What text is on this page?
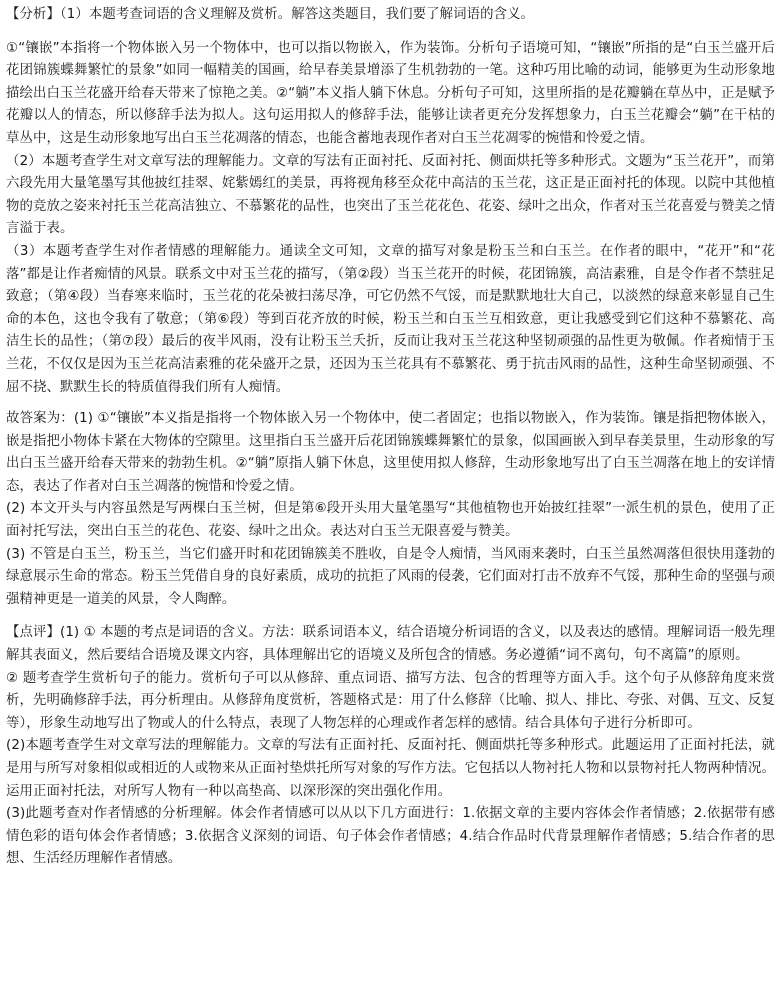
【分析】（1）本题考查词语的含义理解及赏析。解答这类题目，我们要了解词语的含义。

①“镶嵌”本指将一个物体嵌入另一个物体中，也可以指以物嵌入，作为装饰。分析句子语境可知，“镶嵌”所指的是“白玉兰盛开后花团锦簇蝶舞繁忙的景象”如同一幅精美的国画，给早春美景增添了生机勃勃的一笔。这种巧用比喻的动词，能够更为生动形象地描绘出白玉兰花盛开给春天带来了惊艳之美。②“躺”本义指人躺下休息。分析句子可知，这里所指的是花瓣躺在草丛中，正是赋予花瓣以人的情态，所以修辞手法为拟人。这句运用拟人的修辞手法，能够让读者更充分发挥想象力，白玉兰花瓣会“躺”在干枯的草丛中，这是生动形象地写出白玉兰花凋落的情态，也能含蓄地表现作者对白玉兰花凋零的惋惜和怜爱之情。

（2）本题考查学生对文章写法的理解能力。文章的写法有正面衬托、反面衬托、侧面烘托等多种形式。文题为“玉兰花开”，而第六段先用大量笔墨写其他披红挂翠、姹紫嫣红的美景，再将视角移至众花中高洁的玉兰花，这正是正面衬托的体现。以院中其他植物的竞放之姿来衬托玉兰花高洁独立、不慕繁花的品性，也突出了玉兰花花色、花姿、绿叶之出众，作者对玉兰花喜爱与赞美之情言溢于表。

（3）本题考查学生对作者情感的理解能力。通读全文可知，文章的描写对象是粉玉兰和白玉兰。在作者的眼中，“花开”和“花落”都是让作者痴情的风景。联系文中对玉兰花的描写，（第②段）当玉兰花开的时候，花团锦簇，高洁素雅，自是令作者不禁驻足致意；（第④段）当春寒来临时，玉兰花的花朵被扫荡尽净，可它仍然不气馁，而是默默地壮大自己，以淡然的绿意来彰显自己生命的本色，这也令我有了敬意；（第⑥段）等到百花齐放的时候，粉玉兰和白玉兰互相致意，更让我感受到它们这种不慕繁花、高洁生长的品性；（第⑦段）最后的夜半风雨，没有让粉玉兰夭折，反而让我对玉兰花这种坚韧顽强的品性更为敬佩。作者痴情于玉兰花，不仅仅是因为玉兰花高洁素雅的花朵盛开之景，还因为玉兰花具有不慕繁花、勇于抗击风雨的品性，这种生命坚韧顽强、不屈不挠、默默生长的特质值得我们所有人痴情。

故答案为：(1) ①“镶嵌”本义指是指将一个物体嵌入另一个物体中，使二者固定；也指以物嵌入，作为装饰。镶是指把物体嵌入，嵌是指把小物体卡紧在大物体的空隙里。这里指白玉兰盛开后花团锦簇蝶舞繁忙的景象，似国画嵌入到早春美景里，生动形象的写出白玉兰盛开给春天带来的勃勃生机。②“躺”原指人躺下休息，这里使用拟人修辞，生动形象地写出了白玉兰凋落在地上的安详情态，表达了作者对白玉兰凋落的惋惜和怜爱之情。

(2) 本文开头与内容虽然是写两棵白玉兰树，但是第⑥段开头用大量笔墨写“其他植物也开始披红挂翠”一派生机的景色，使用了正面衬托写法，突出白玉兰的花色、花姿、绿叶之出众。表达对白玉兰无限喜爱与赞美。

(3) 不管是白玉兰，粉玉兰，当它们盛开时和花团锦簇美不胜收，自是令人痴情，当风雨来袭时，白玉兰虽然凋落但很快用蓬勃的绿意展示生命的常态。粉玉兰凭借自身的良好素质，成功的抗拒了风雨的侵袭，它们面对打击不放弃不气馁，那种生命的坚强与顽强精神更是一道美的风景，令人陶醉。

【点评】(1) ① 本题的考点是词语的含义。方法：联系词语本义，结合语境分析词语的含义，以及表达的感情。理解词语一般先理解其表面义，然后要结合语境及课文内容，具体理解出它的语境义及所包含的情感。务必遵循“词不离句，句不离篇”的原则。

② 题考查学生赏析句子的能力。赏析句子可以从修辞、重点词语、描写方法、包含的哲理等方面入手。这个句子从修辞角度来赏析，先明确修辞手法，再分析理由。从修辞角度赏析，答题格式是：用了什么修辞（比喻、拟人、排比、夸张、对偶、互文、反复等），形象生动地写出了物或人的什么特点，表现了人物怎样的心理或作者怎样的感情。结合具体句子进行分析即可。

(2)本题考查学生对文章写法的理解能力。文章的写法有正面衬托、反面衬托、侧面烘托等多种形式。此题运用了正面衬托法，就是用与所写对象相似或相近的人或物来从正面衬垫烘托所写对象的写作方法。它包括以人物衬托人物和以景物衬托人物两种情况。运用正面衬托法，对所写人物有一种以高垫高、以深形深的突出强化作用。

(3)此题考查对作者情感的分析理解。体会作者情感可以从以下几方面进行：1.依据文章的主要内容体会作者情感；2.依据带有感情色彩的语句体会作者情感；3.依据含义深刻的词语、句子体会作者情感；4.结合作品时代背景理解作者情感；5.结合作者的思想、生活经历理解作者情感。
